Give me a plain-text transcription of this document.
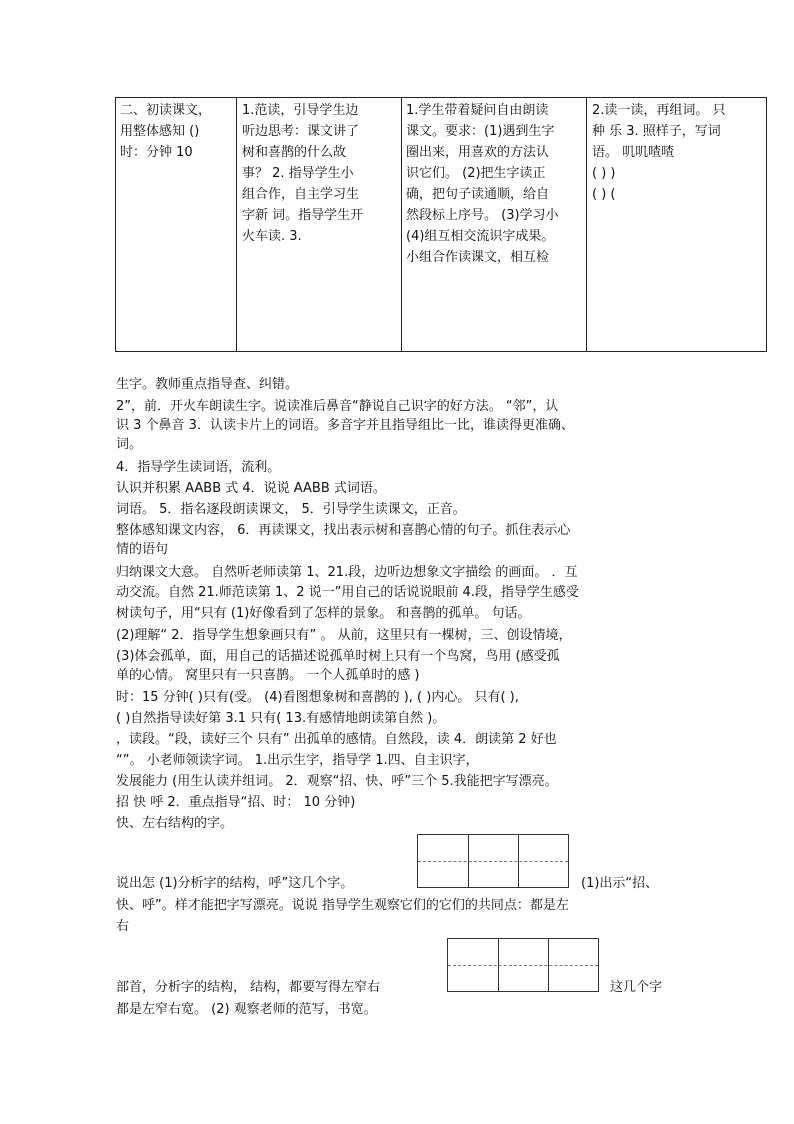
二、初读课文，
用整体感知 ()
时：分钟 10
1.范读，引导学生边
听边思考：课文讲了
树和喜鹊的什么故
事？ 2. 指导学生小
组合作，自主学习生
字新 词。指导学生开
火车读. 3.
1.学生带着疑问自由朗读
课文。要求：(1)遇到生字
圈出来，用喜欢的方法认
识它们。 (2)把生字读正
确，把句子读通顺，给自
然段标上序号。 (3)学习小
(4)组互相交流识字成果。
小组合作读课文，相互检
2.读一读，再组词。 只
种 乐 3. 照样子，写词
语。 叽叽喳喳
( ) )
( ) (
生字。教师重点指导查、纠错。
2”，前．开火车朗读生字。说读准后鼻音“静说自己识字的好方法。 “邻”，认
识 3 个鼻音 3．认读卡片上的词语。多音字并且指导组比一比，谁读得更准确、
词。
4．指导学生读词语，流利。
认识并积累 AABB 式 4．说说 AABB 式词语。
词语。 5．指名逐段朗读课文， 5．引导学生读课文，正音。
整体感知课文内容， 6．再读课文，找出表示树和喜鹊心情的句子。抓住表示心
情的语句
归纳课文大意。 自然听老师读第 1、21.段，边听边想象文字描绘 的画面。 ．互
动交流。自然 21.师范读第 1、2 说一”用自己的话说说眼前 4.段，指导学生感受
树读句子，用“只有 (1)好像看到了怎样的景象。 和喜鹊的孤单。 句话。
(2)理解“ 2．指导学生想象画只有” 。 从前，这里只有一棵树，三、创设情境，
(3)体会孤单，面，用自己的话描述说孤单时树上只有一个鸟窝，鸟用 (感受孤
单的心情。 窝里只有一只喜鹊。 一个人孤单时的感 )
时：15 分钟( )只有(受。 (4)看图想象树和喜鹊的 ), ( )内心。 只有( ),
( )自然指导读好第 3.1 只有( 13.有感情地朗读第自然 )。
，读段。“段，读好三个 只有” 出孤单的感情。自然段，读 4．朗读第 2 好也
“”。 小老师领读字词。 1.出示生字，指导学 1.四、自主识字，
发展能力 (用生认读并组词。 2．观察“招、快、呼”三个 5.我能把字写漂亮。
招 快 呼 2．重点指导“招、时： 10 分钟)
快、左右结构的字。
说出怎 (1)分析字的结构，呼”这几个字。	(1)出示“招、
快、呼”。样才能把字写漂亮。说说 指导学生观察它们的它们的共同点：都是左
右
部首，分析字的结构， 结构，都要写得左窄右	这几个字
都是左窄右宽。 (2) 观察老师的范写，书宽。
